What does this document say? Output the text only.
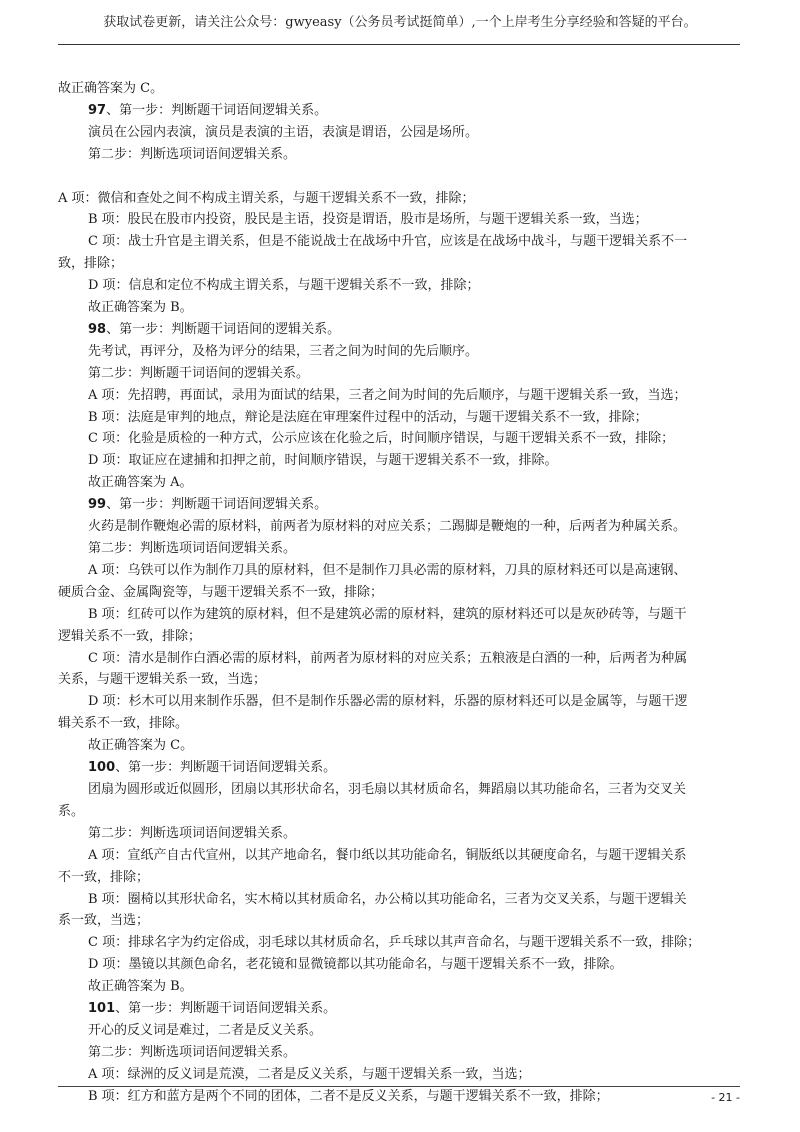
获取试卷更新，请关注公众号：gwyeasy（公务员考试挺简单）,一个上岸考生分享经验和答疑的平台。
故正确答案为 C。
97、第一步：判断题干词语间逻辑关系。
演员在公园内表演，演员是表演的主语，表演是谓语，公园是场所。
第二步：判断选项词语间逻辑关系。
A 项：微信和查处之间不构成主谓关系，与题干逻辑关系不一致，排除；
B 项：股民在股市内投资，股民是主语，投资是谓语，股市是场所，与题干逻辑关系一致，当选；
C 项：战士升官是主谓关系，但是不能说战士在战场中升官，应该是在战场中战斗，与题干逻辑关系不一
致，排除；
D 项：信息和定位不构成主谓关系，与题干逻辑关系不一致，排除；
故正确答案为 B。
98、第一步：判断题干词语间的逻辑关系。
先考试，再评分，及格为评分的结果，三者之间为时间的先后顺序。
第二步：判断题干词语间的逻辑关系。
A 项：先招聘，再面试，录用为面试的结果，三者之间为时间的先后顺序，与题干逻辑关系一致，当选；
B 项：法庭是审判的地点，辩论是法庭在审理案件过程中的活动，与题干逻辑关系不一致，排除；
C 项：化验是质检的一种方式，公示应该在化验之后，时间顺序错误，与题干逻辑关系不一致，排除；
D 项：取证应在逮捕和扣押之前，时间顺序错误，与题干逻辑关系不一致，排除。
故正确答案为 A。
99、第一步：判断题干词语间逻辑关系。
火药是制作鞭炮必需的原材料，前两者为原材料的对应关系；二踢脚是鞭炮的一种，后两者为种属关系。
第二步：判断选项词语间逻辑关系。
A 项：乌铁可以作为制作刀具的原材料，但不是制作刀具必需的原材料，刀具的原材料还可以是高速钢、
硬质合金、金属陶瓷等，与题干逻辑关系不一致，排除；
B 项：红砖可以作为建筑的原材料，但不是建筑必需的原材料，建筑的原材料还可以是灰砂砖等，与题干
逻辑关系不一致，排除；
C 项：清水是制作白酒必需的原材料，前两者为原材料的对应关系；五粮液是白酒的一种，后两者为种属
关系，与题干逻辑关系一致，当选；
D 项：杉木可以用来制作乐器，但不是制作乐器必需的原材料，乐器的原材料还可以是金属等，与题干逻
辑关系不一致，排除。
故正确答案为 C。
100、第一步：判断题干词语间逻辑关系。
团扇为圆形或近似圆形，团扇以其形状命名，羽毛扇以其材质命名，舞蹈扇以其功能命名，三者为交叉关
系。
第二步：判断选项词语间逻辑关系。
A 项：宣纸产自古代宣州，以其产地命名，餐巾纸以其功能命名，铜版纸以其硬度命名，与题干逻辑关系
不一致，排除；
B 项：圈椅以其形状命名，实木椅以其材质命名，办公椅以其功能命名，三者为交叉关系，与题干逻辑关
系一致，当选；
C 项：排球名字为约定俗成，羽毛球以其材质命名，乒乓球以其声音命名，与题干逻辑关系不一致，排除；
D 项：墨镜以其颜色命名，老花镜和显微镜都以其功能命名，与题干逻辑关系不一致，排除。
故正确答案为 B。
101、第一步：判断题干词语间逻辑关系。
开心的反义词是难过，二者是反义关系。
第二步：判断选项词语间逻辑关系。
A 项：绿洲的反义词是荒漠，二者是反义关系，与题干逻辑关系一致，当选；
B 项：红方和蓝方是两个不同的团体，二者不是反义关系，与题干逻辑关系不一致，排除；	- 21 -
